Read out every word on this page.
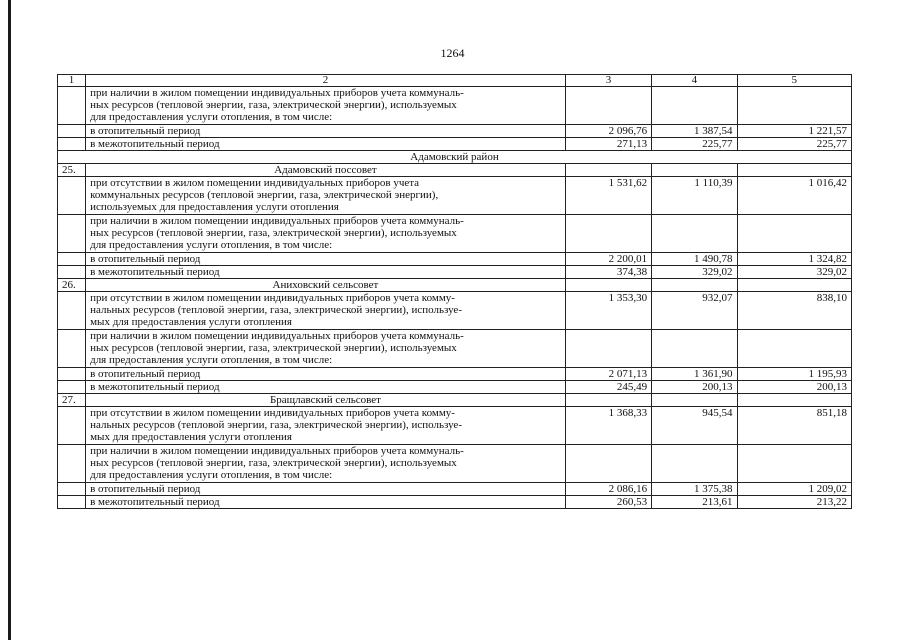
1264
1	2	3	4	5

	при наличии в жилом помещении индивидуальных приборов учета коммуналь-
ных ресурсов (тепловой энергии, газа, электрической энергии), используемых
для предоставления услуги отопления, в том числе:			

	в отопительный период	2 096,76	1 387,54	1 221,57
	в межотопительный период	271,13	225,77	225,77
Адамовский район				
25.	Адамовский поссовет			

	при отсутствии в жилом помещении индивидуальных приборов учета
коммунальных ресурсов (тепловой энергии, газа, электрической энергии),
используемых для предоставления услуги отопления	1 531,62	1 110,39	1 016,42

	при наличии в жилом помещении индивидуальных приборов учета коммуналь-
ных ресурсов (тепловой энергии, газа, электрической энергии), используемых
для предоставления услуги отопления, в том числе:			

	в отопительный период	2 200,01	1 490,78	1 324,82
	в межотопительный период	374,38	329,02	329,02
26.	Аниховский сельсовет			

	при отсутствии в жилом помещении индивидуальных приборов учета комму-
нальных ресурсов (тепловой энергии, газа, электрической энергии), используе-
мых для предоставления услуги отопления	1 353,30	932,07	838,10

	при наличии в жилом помещении индивидуальных приборов учета коммуналь-
ных ресурсов (тепловой энергии, газа, электрической энергии), используемых
для предоставления услуги отопления, в том числе:			

	в отопительный период	2 071,13	1 361,90	1 195,93
	в межотопительный период	245,49	200,13	200,13
27.	Бращлавский сельсовет			

	при отсутствии в жилом помещении индивидуальных приборов учета комму-
нальных ресурсов (тепловой энергии, газа, электрической энергии), используе-
мых для предоставления услуги отопления	1 368,33	945,54	851,18

	при наличии в жилом помещении индивидуальных приборов учета коммуналь-
ных ресурсов (тепловой энергии, газа, электрической энергии), используемых
для предоставления услуги отопления, в том числе:			

	в отопительный период	2 086,16	1 375,38	1 209,02
	в межотопительный период	260,53	213,61	213,22
